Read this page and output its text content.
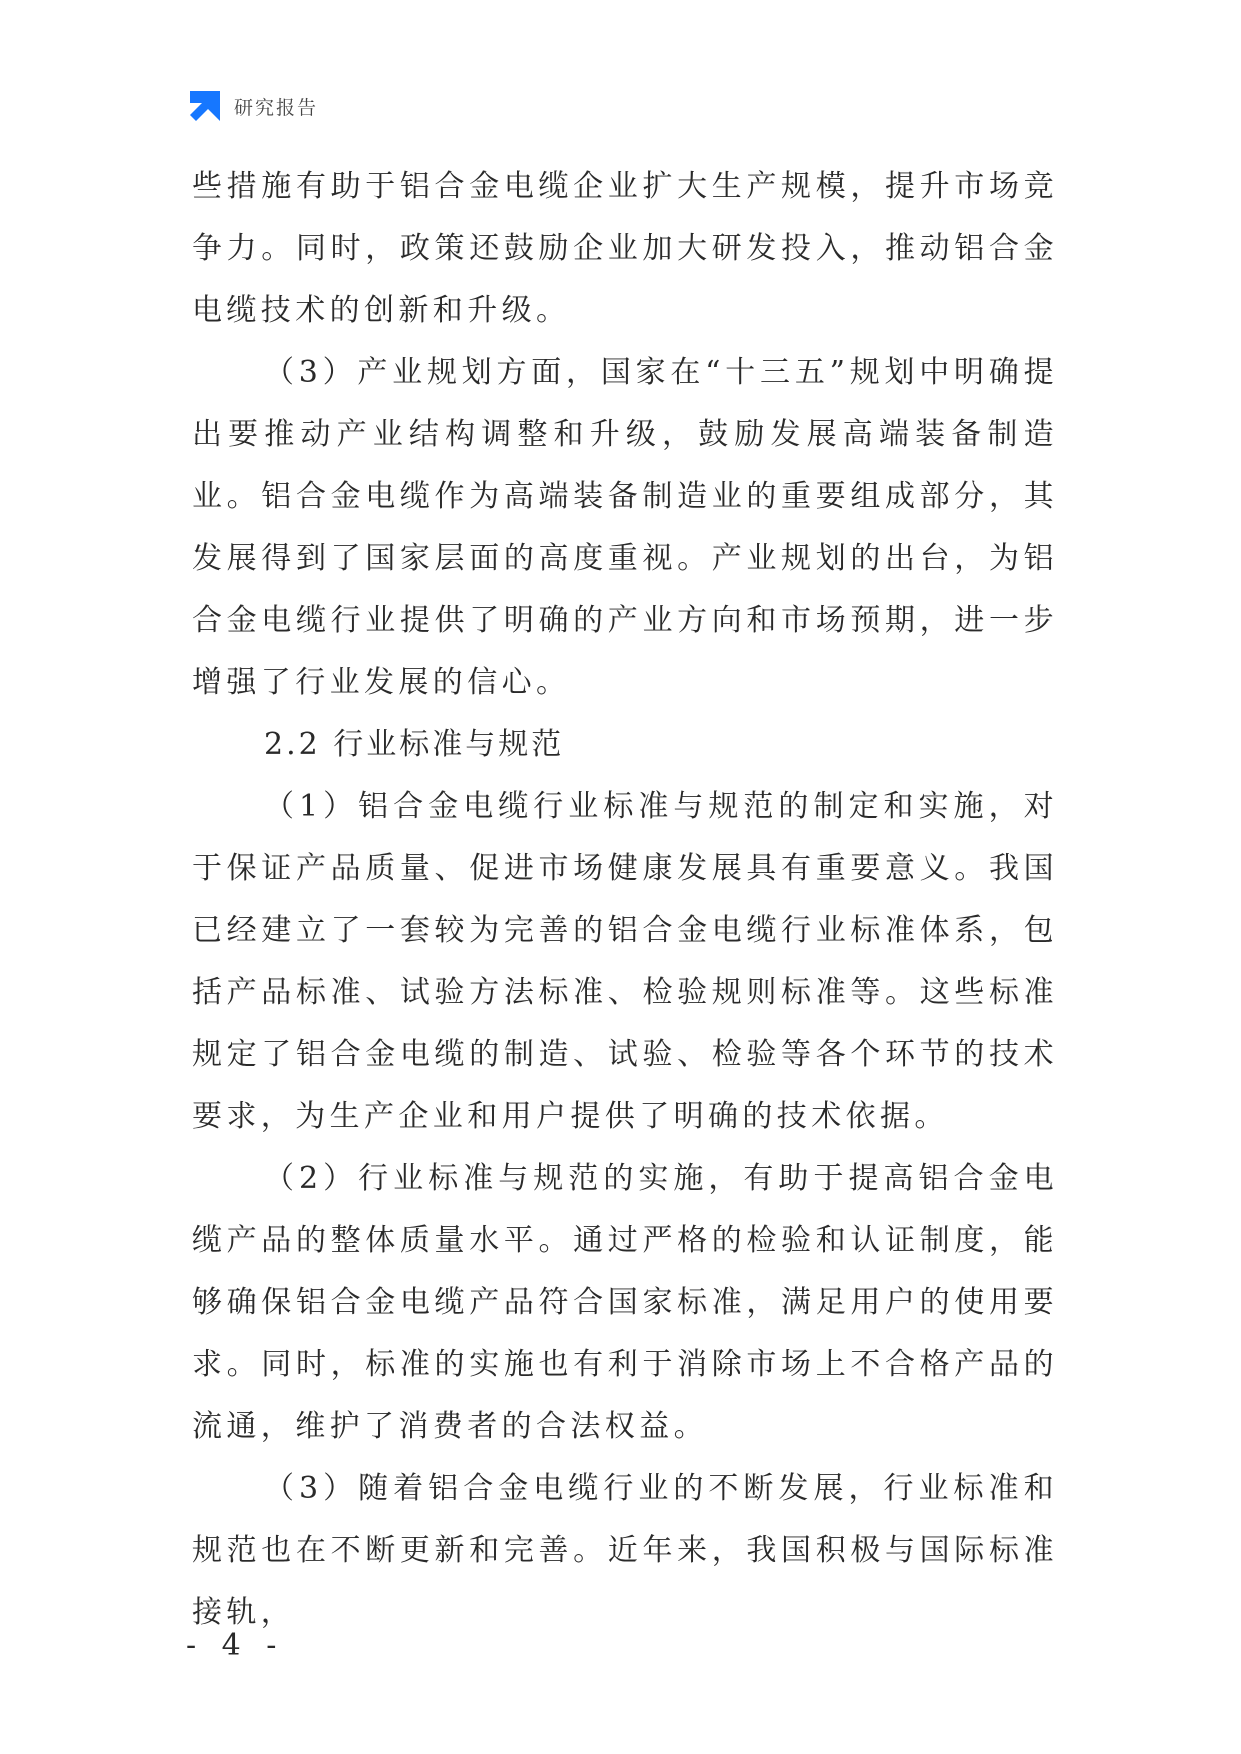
研究报告

些措施有助于铝合金电缆企业扩大生产规模，提升市场竞争力。同时，政策还鼓励企业加大研发投入，推动铝合金电缆技术的创新和升级。

（3）产业规划方面，国家在“十三五”规划中明确提出要推动产业结构调整和升级，鼓励发展高端装备制造业。铝合金电缆作为高端装备制造业的重要组成部分，其发展得到了国家层面的高度重视。产业规划的出台，为铝合金电缆行业提供了明确的产业方向和市场预期，进一步增强了行业发展的信心。

2.2 行业标准与规范

（1）铝合金电缆行业标准与规范的制定和实施，对于保证产品质量、促进市场健康发展具有重要意义。我国已经建立了一套较为完善的铝合金电缆行业标准体系，包括产品标准、试验方法标准、检验规则标准等。这些标准规定了铝合金电缆的制造、试验、检验等各个环节的技术要求，为生产企业和用户提供了明确的技术依据。

（2）行业标准与规范的实施，有助于提高铝合金电缆产品的整体质量水平。通过严格的检验和认证制度，能够确保铝合金电缆产品符合国家标准，满足用户的使用要求。同时，标准的实施也有利于消除市场上不合格产品的流通，维护了消费者的合法权益。

（3）随着铝合金电缆行业的不断发展，行业标准和规范也在不断更新和完善。近年来，我国积极与国际标准接轨，

- 4 -
